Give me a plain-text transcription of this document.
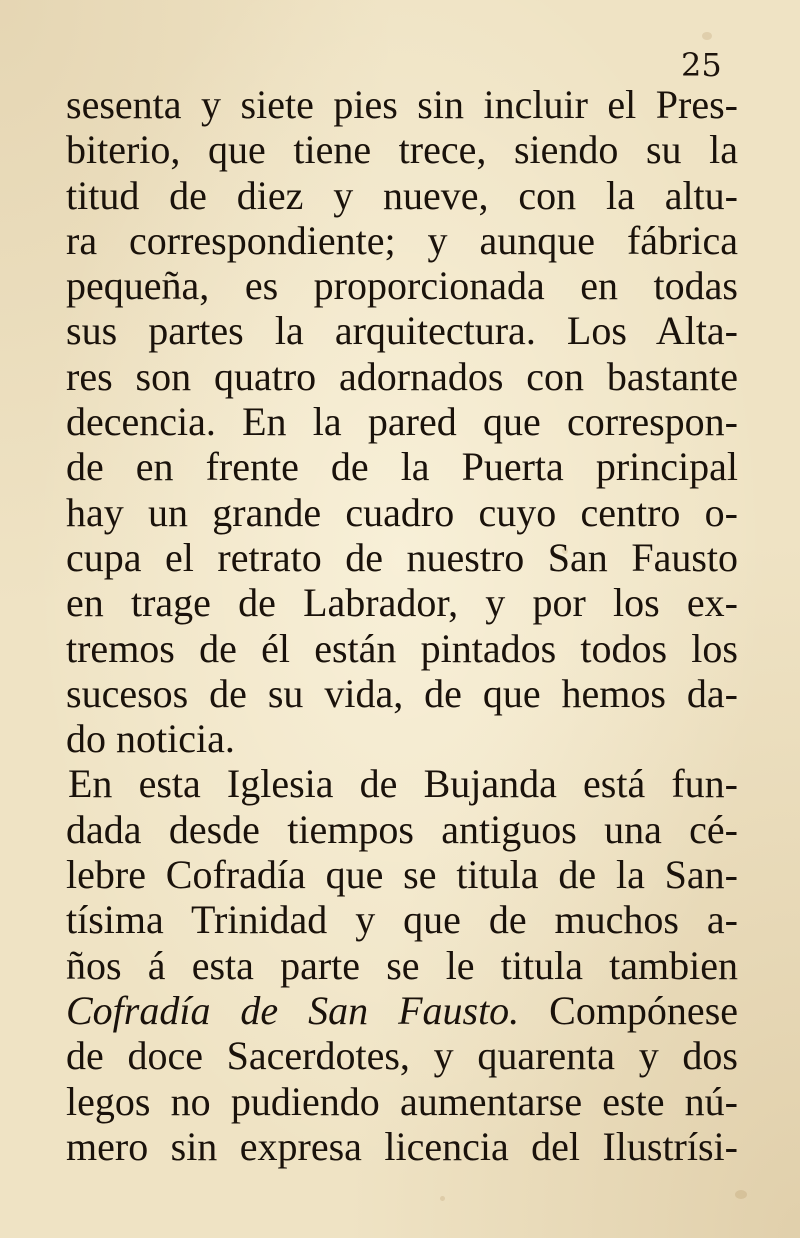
25
sesenta y siete pies sin incluir el Pres-
biterio, que tiene trece, siendo su la
titud de diez y nueve, con la altu-
ra correspondiente; y aunque fábrica
pequeña, es proporcionada en todas
sus partes la arquitectura. Los Alta-
res son quatro adornados con bastante
decencia. En la pared que correspon-
de en frente de la Puerta principal
hay un grande cuadro cuyo centro o-
cupa el retrato de nuestro San Fausto
en trage de Labrador, y por los ex-
tremos de él están pintados todos los
sucesos de su vida, de que hemos da-
do noticia.
En esta Iglesia de Bujanda está fun-
dada desde tiempos antiguos una cé-
lebre Cofradía que se titula de la San-
tísima Trinidad y que de muchos a-
ños á esta parte se le titula tambien
Cofradía de San Fausto. Compónese
de doce Sacerdotes, y quarenta y dos
legos no pudiendo aumentarse este nú-
mero sin expresa licencia del Ilustrísi-
